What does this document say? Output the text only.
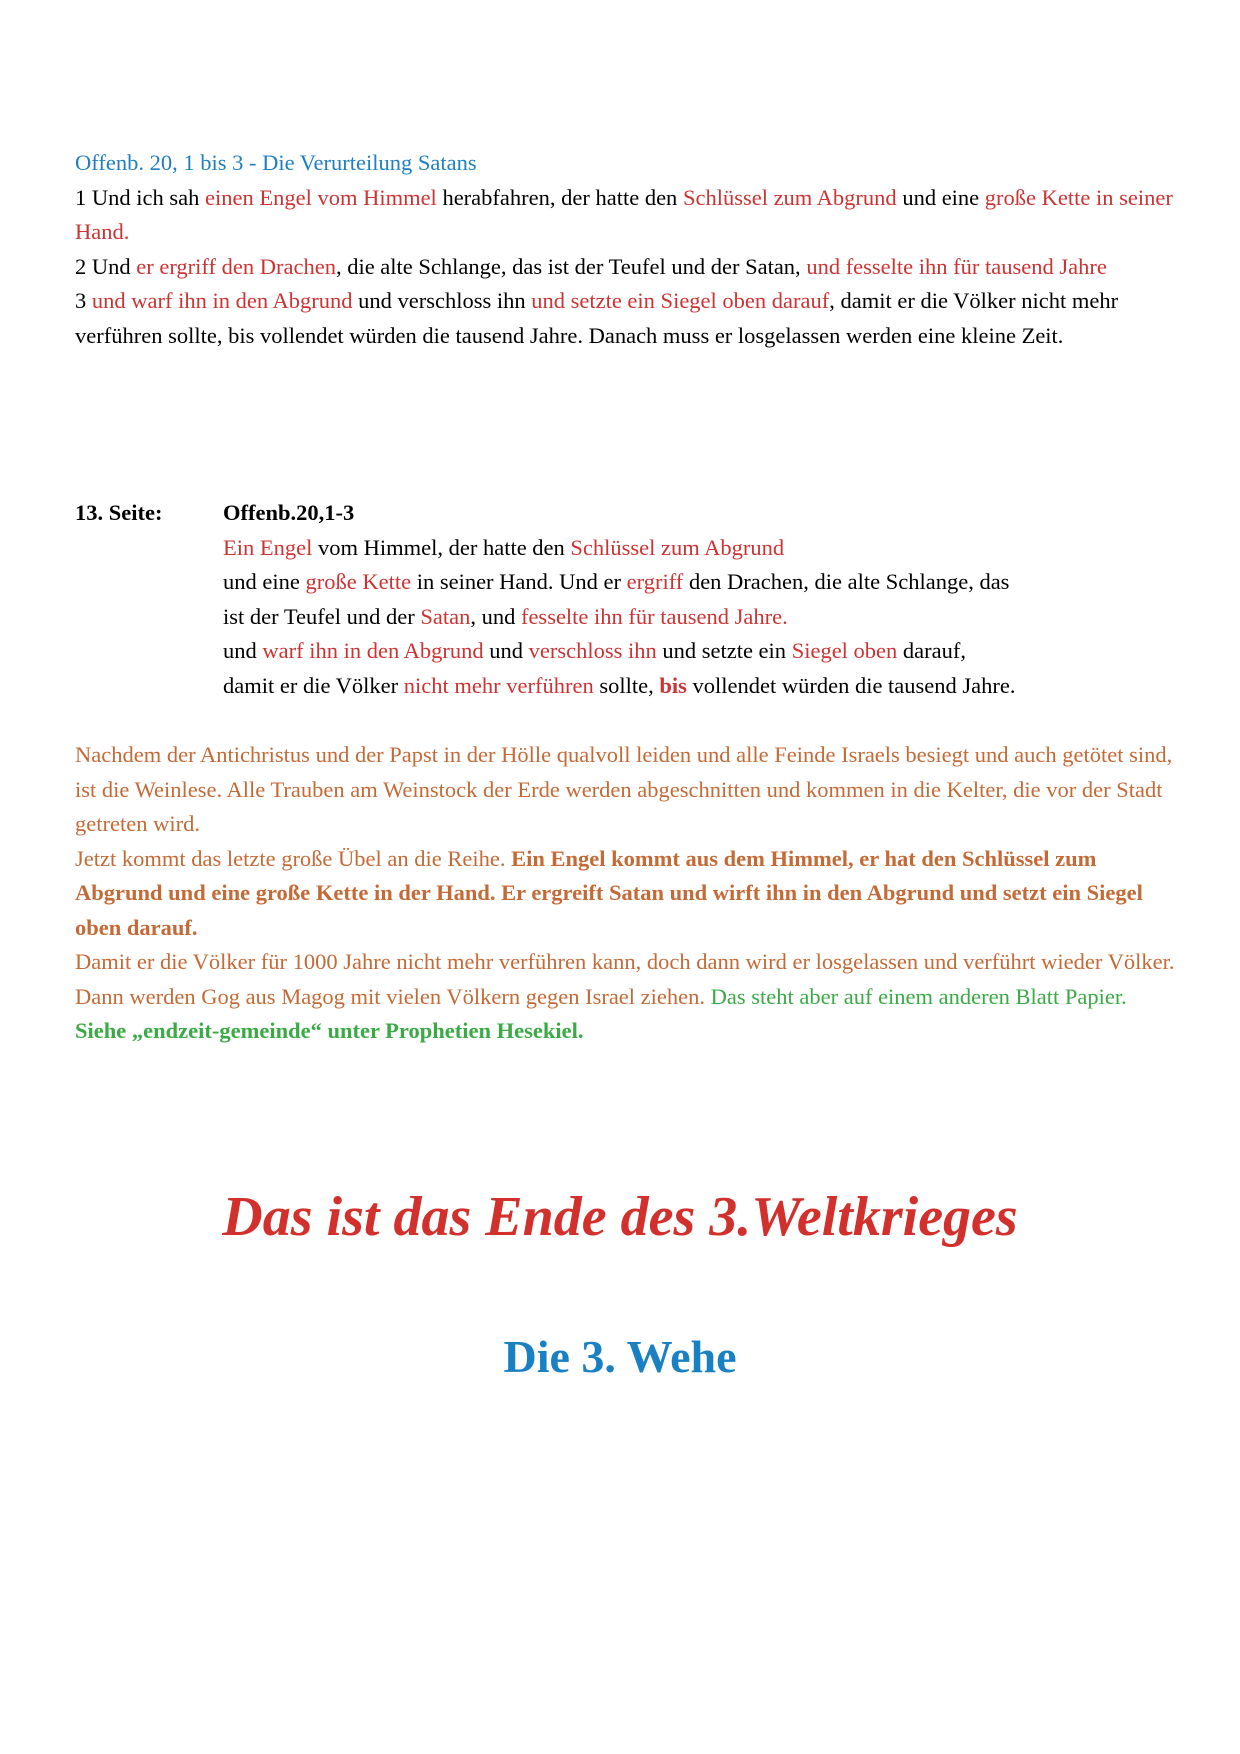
Offenb. 20, 1 bis 3 - Die Verurteilung Satans
1 Und ich sah einen Engel vom Himmel herabfahren, der hatte den Schlüssel zum Abgrund und eine große Kette in seiner Hand.
2 Und er ergriff den Drachen, die alte Schlange, das ist der Teufel und der Satan, und fesselte ihn für tausend Jahre
3 und warf ihn in den Abgrund und verschloss ihn und setzte ein Siegel oben darauf, damit er die Völker nicht mehr verführen sollte, bis vollendet würden die tausend Jahre. Danach muss er losgelassen werden eine kleine Zeit.
13. Seite:	Offenb.20,1-3
Ein Engel vom Himmel, der hatte den Schlüssel zum Abgrund
und eine große Kette in seiner Hand. Und er ergriff den Drachen, die alte Schlange, das
ist der Teufel und der Satan, und fesselte ihn für tausend Jahre.
und warf ihn in den Abgrund und verschloss ihn und setzte ein Siegel oben darauf,
damit er die Völker nicht mehr verführen sollte, bis vollendet würden die tausend Jahre.
Nachdem der Antichristus und der Papst in der Hölle qualvoll leiden und alle Feinde Israels besiegt und auch getötet sind, ist die Weinlese. Alle Trauben am Weinstock der Erde werden abgeschnitten und kommen in die Kelter, die vor der Stadt getreten wird.
Jetzt kommt das letzte große Übel an die Reihe. Ein Engel kommt aus dem Himmel, er hat den Schlüssel zum Abgrund und eine große Kette in der Hand. Er ergreift Satan und wirft ihn in den Abgrund und setzt ein Siegel oben darauf.
Damit er die Völker für 1000 Jahre nicht mehr verführen kann, doch dann wird er losgelassen und verführt wieder Völker. Dann werden Gog aus Magog mit vielen Völkern gegen Israel ziehen. Das steht aber auf einem anderen Blatt Papier. Siehe „endzeit-gemeinde“ unter Prophetien Hesekiel.
Das ist das Ende des 3.Weltkrieges
Die 3. Wehe
